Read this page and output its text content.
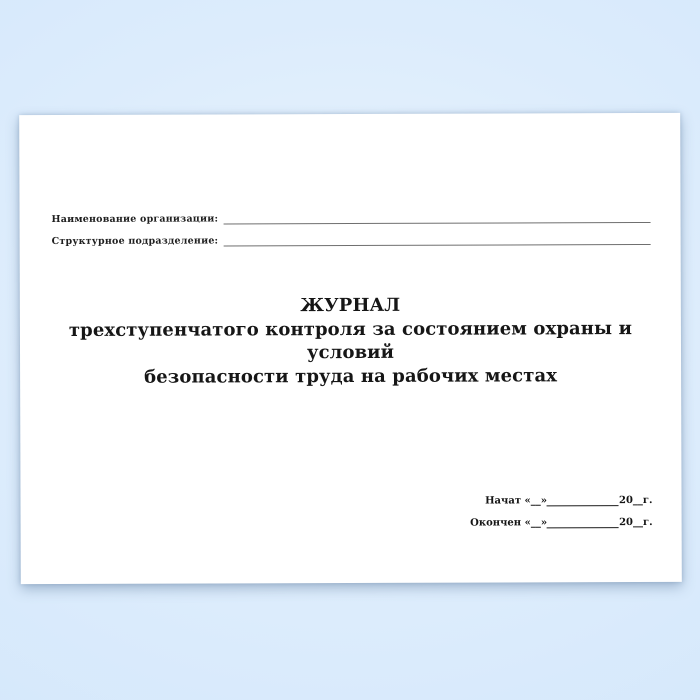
Наименование организации:
Структурное подразделение:
ЖУРНАЛ
трехступенчатого контроля за состоянием охраны и условий
безопасности труда на рабочих местах
Начат «__»	20__г.
Окончен «__»	20__г.
